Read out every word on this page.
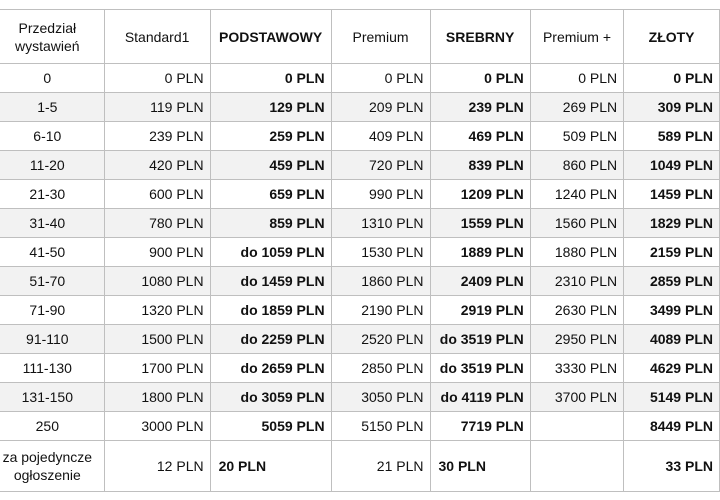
Przedział wystawień	Standard1	PODSTAWOWY	Premium	SREBRNY	Premium +	ZŁOTY
0	0 PLN	0 PLN	0 PLN	0 PLN	0 PLN	0 PLN
1-5	119 PLN	129 PLN	209 PLN	239 PLN	269 PLN	309 PLN
6-10	239 PLN	259 PLN	409 PLN	469 PLN	509 PLN	589 PLN
11-20	420 PLN	459 PLN	720 PLN	839 PLN	860 PLN	1049 PLN
21-30	600 PLN	659 PLN	990 PLN	1209 PLN	1240 PLN	1459 PLN
31-40	780 PLN	859 PLN	1310 PLN	1559 PLN	1560 PLN	1829 PLN
41-50	900 PLN	do 1059 PLN	1530 PLN	1889 PLN	1880 PLN	2159 PLN
51-70	1080 PLN	do 1459 PLN	1860 PLN	2409 PLN	2310 PLN	2859 PLN
71-90	1320 PLN	do 1859 PLN	2190 PLN	2919 PLN	2630 PLN	3499 PLN
91-110	1500 PLN	do 2259 PLN	2520 PLN	do 3519 PLN	2950 PLN	4089 PLN
111-130	1700 PLN	do 2659 PLN	2850 PLN	do 3519 PLN	3330 PLN	4629 PLN
131-150	1800 PLN	do 3059 PLN	3050 PLN	do 4119 PLN	3700 PLN	5149 PLN
250	3000 PLN	5059 PLN	5150 PLN	7719 PLN		8449 PLN
za pojedyncze ogłoszenie	12 PLN	20 PLN	21 PLN	30 PLN		33 PLN
